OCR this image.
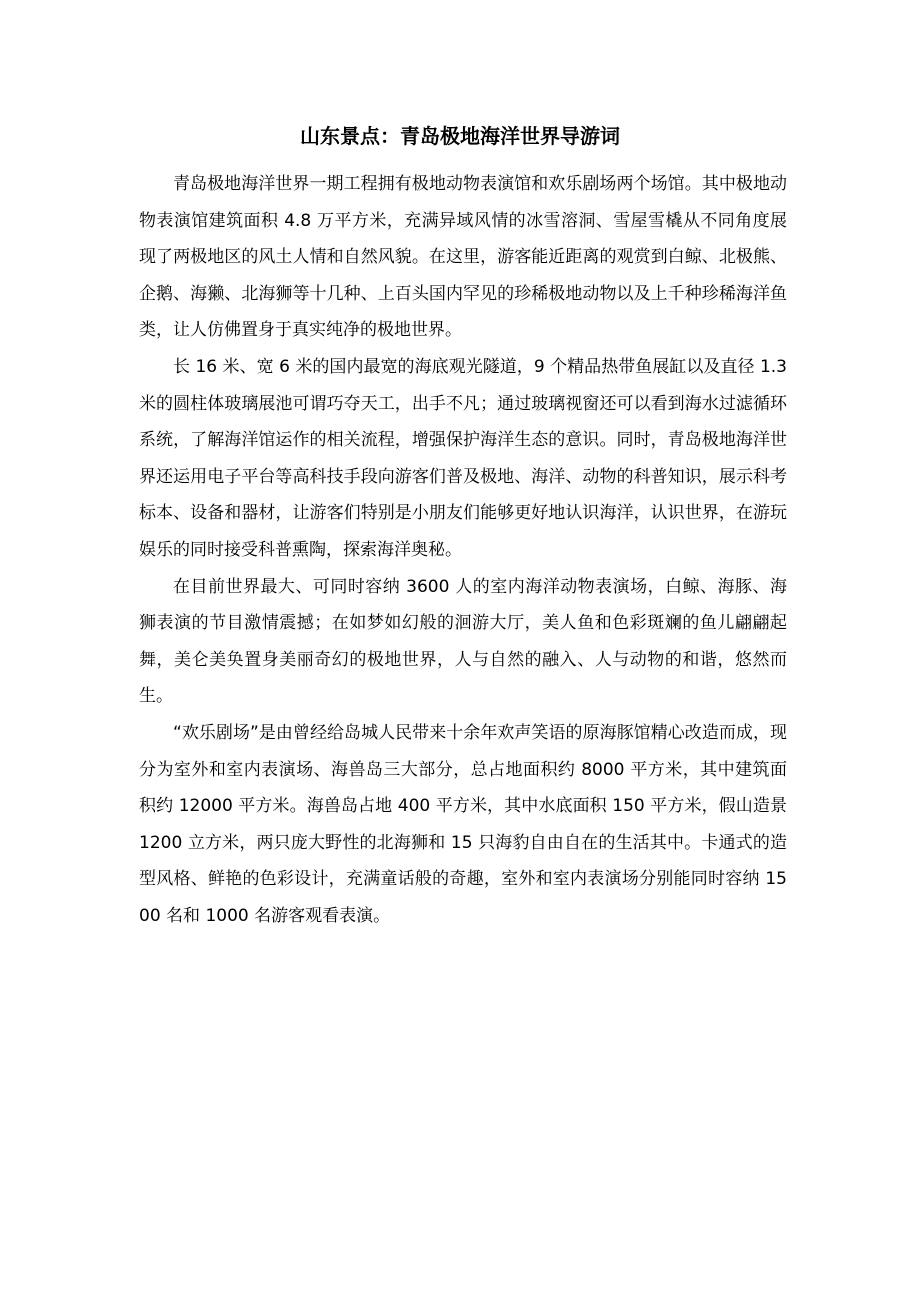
山东景点：青岛极地海洋世界导游词

青岛极地海洋世界一期工程拥有极地动物表演馆和欢乐剧场两个场馆。其中极地动物表演馆建筑面积 4.8 万平方米，充满异域风情的冰雪溶洞、雪屋雪橇从不同角度展现了两极地区的风土人情和自然风貌。在这里，游客能近距离的观赏到白鲸、北极熊、企鹅、海獭、北海狮等十几种、上百头国内罕见的珍稀极地动物以及上千种珍稀海洋鱼类，让人仿佛置身于真实纯净的极地世界。

长 16 米、宽 6 米的国内最宽的海底观光隧道，9 个精品热带鱼展缸以及直径 1.3 米的圆柱体玻璃展池可谓巧夺天工，出手不凡；通过玻璃视窗还可以看到海水过滤循环系统，了解海洋馆运作的相关流程，增强保护海洋生态的意识。同时，青岛极地海洋世界还运用电子平台等高科技手段向游客们普及极地、海洋、动物的科普知识，展示科考标本、设备和器材，让游客们特别是小朋友们能够更好地认识海洋，认识世界，在游玩娱乐的同时接受科普熏陶，探索海洋奥秘。

在目前世界最大、可同时容纳 3600 人的室内海洋动物表演场，白鲸、海豚、海狮表演的节目激情震撼；在如梦如幻般的洄游大厅，美人鱼和色彩斑斓的鱼儿翩翩起舞，美仑美奂置身美丽奇幻的极地世界，人与自然的融入、人与动物的和谐，悠然而生。

“欢乐剧场”是由曾经给岛城人民带来十余年欢声笑语的原海豚馆精心改造而成，现分为室外和室内表演场、海兽岛三大部分，总占地面积约 8000 平方米，其中建筑面积约 12000 平方米。海兽岛占地 400 平方米，其中水底面积 150 平方米，假山造景 1200 立方米，两只庞大野性的北海狮和 15 只海豹自由自在的生活其中。卡通式的造型风格、鲜艳的色彩设计，充满童话般的奇趣，室外和室内表演场分别能同时容纳 1500 名和 1000 名游客观看表演。
